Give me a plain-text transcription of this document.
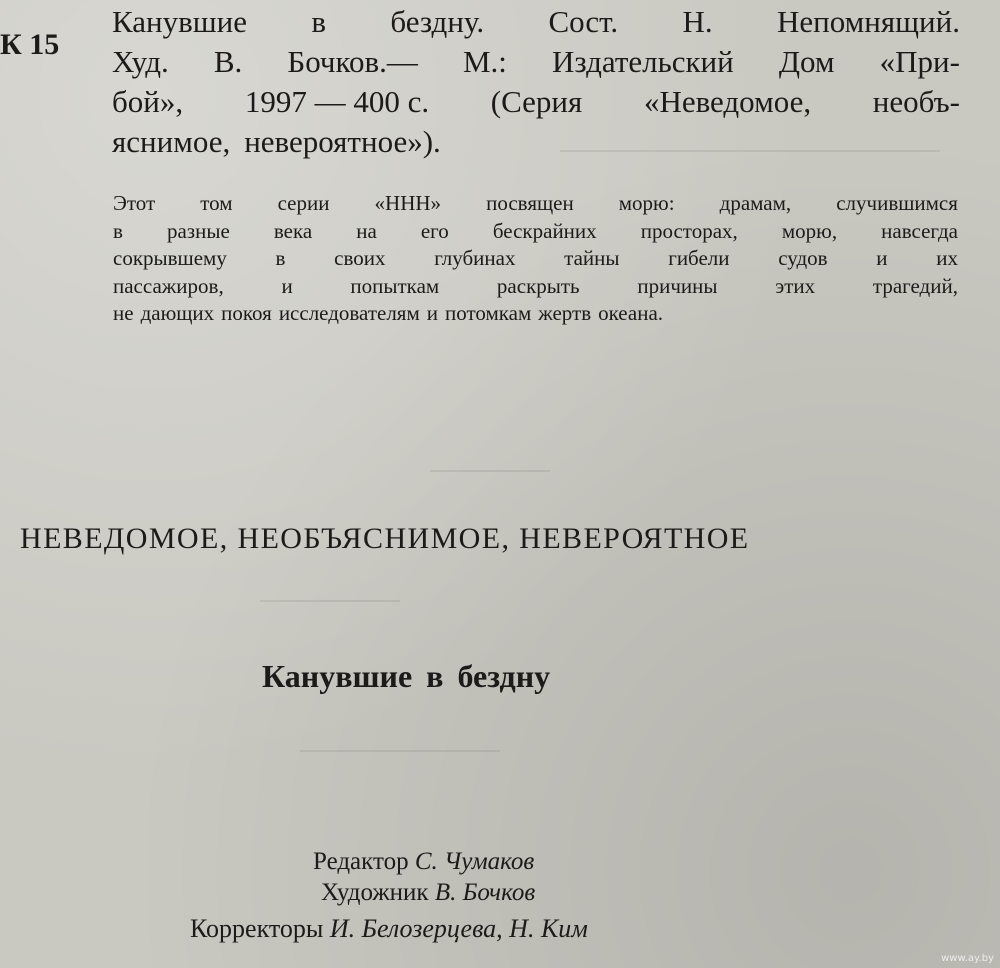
К 15
Канувшие в бездну. Сост. Н. Непомнящий.
Худ. В. Бочков.— М.: Издательский Дом «При-
бой», 1997 — 400 с. (Серия «Неведомое, необъ-
яснимое, невероятное»).
Этот том серии «ННН» посвящен морю: драмам, случившимся
в разные века на его бескрайних просторах, морю, навсегда
сокрывшему в своих глубинах тайны гибели судов и их
пассажиров,	и	попыткам	раскрыть	причины	этих	трагедий,
не дающих покоя исследователям и потомкам жертв океана.
НЕВЕДОМОЕ, НЕОБЪЯСНИМОЕ, НЕВЕРОЯТНОЕ
Канувшие в бездну
Редактор С. Чумаков
Художник В. Бочков
Корректоры И. Белозерцева, Н. Ким
www.ay.by
